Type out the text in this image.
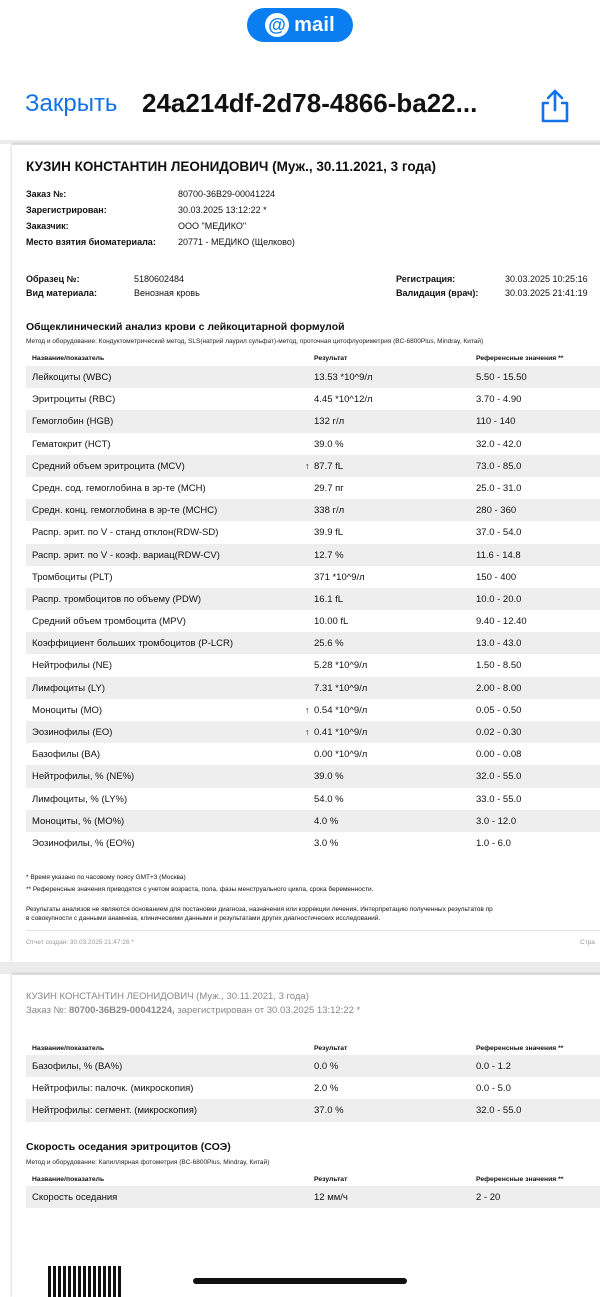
@ mail
Закрыть 24a214df-2d78-4866-ba22...
КУЗИН КОНСТАНТИН ЛЕОНИДОВИЧ (Муж., 30.11.2021, 3 года)
Заказ №:	80700-36B29-00041224
Зарегистрирован:	30.03.2025 13:12:22 *
Заказчик:	ООО "МЕДИКО"
Место взятия биоматериала: 20771 - МЕДИКО (Щелково)
Образец №:	5180602484
Вид материала:	Венозная кровь
Регистрация:	30.03.2025 10:25:16
Валидация (врач):	30.03.2025 21:41:19
Общеклинический анализ крови с лейкоцитарной формулой
Метод и оборудование: Кондуктометрический метод, SLS(натрий лаурил сульфат)-метод, проточная цитофлуориметрия (BC-6800Plus, Mindray, Китай)
Название/показатель	Результат	Референсные значения **
Лейкоциты (WBC)	13.53 *10^9/л	5.50 - 15.50
Эритроциты (RBC)	4.45 *10^12/л	3.70 - 4.90
Гемоглобин (HGB)	132 г/л	110 - 140
Гематокрит (HCT)	39.0 %	32.0 - 42.0
Средний объем эритроцита (MCV)	87.7 fL	73.0 - 85.0
↑
Средн. сод. гемоглобина в эр-те (MCH)	29.7 пг	25.0 - 31.0
Средн. конц. гемоглобина в эр-те (MCHC)	338 г/л	280 - 360
Распр. эрит. по V - станд отклон(RDW-SD)	39.9 fL	37.0 - 54.0
Распр. эрит. по V - коэф. вариац(RDW-CV)	12.7 %	11.6 - 14.8
Тромбоциты (PLT)	371 *10^9/л	150 - 400
Распр. тромбоцитов по объему (PDW)	16.1 fL	10.0 - 20.0
Средний объем тромбоцита (MPV)	10.00 fL	9.40 - 12.40
Коэффициент больших тромбоцитов (P-LCR)	25.6 %	13.0 - 43.0
Нейтрофилы (NE)	5.28 *10^9/л	1.50 - 8.50
Лимфоциты (LY)	7.31 *10^9/л	2.00 - 8.00
Моноциты (MO)	0.54 *10^9/л	0.05 - 0.50
↑
Эозинофилы (EO)	0.41 *10^9/л	0.02 - 0.30
↑
Базофилы (BA)	0.00 *10^9/л	0.00 - 0.08
Нейтрофилы, % (NE%)	39.0 %	32.0 - 55.0
Лимфоциты, % (LY%)	54.0 %	33.0 - 55.0
Моноциты, % (MO%)	4.0 %	3.0 - 12.0
Эозинофилы, % (EO%)	3.0 %	1.0 - 6.0
* Время указано по часовому поясу GMT+3 (Москва)
** Референсные значения приводятся с учетом возраста, пола, фазы менструального цикла, срока беременности.
Результаты анализов не являются основанием для постановки диагноза, назначения или коррекции лечения. Интерпретацию полученных результатов пр
в совокупности с данными анамнеза, клиническими данными и результатами других диагностических исследований.
Отчет создан: 30.03.2025 21:47:26 *	Стра
КУЗИН КОНСТАНТИН ЛЕОНИДОВИЧ (Муж., 30.11.2021, 3 года)
Заказ №: 80700-36B29-00041224, зарегистрирован от 30.03.2025 13:12:22 *
Название/показатель	Результат	Референсные значения **
Базофилы, % (BA%)	0.0 %	0.0 - 1.2
Нейтрофилы: палочк. (микроскопия)	2.0 %	0.0 - 5.0
Нейтрофилы: сегмент. (микроскопия)	37.0 %	32.0 - 55.0
Скорость оседания эритроцитов (СОЭ)
Метод и оборудование: Капиллярная фотометрия (BC-6800Plus, Mindray, Китай)
Название/показатель	Результат	Референсные значения **
Скорость оседания	12 мм/ч	2 - 20
